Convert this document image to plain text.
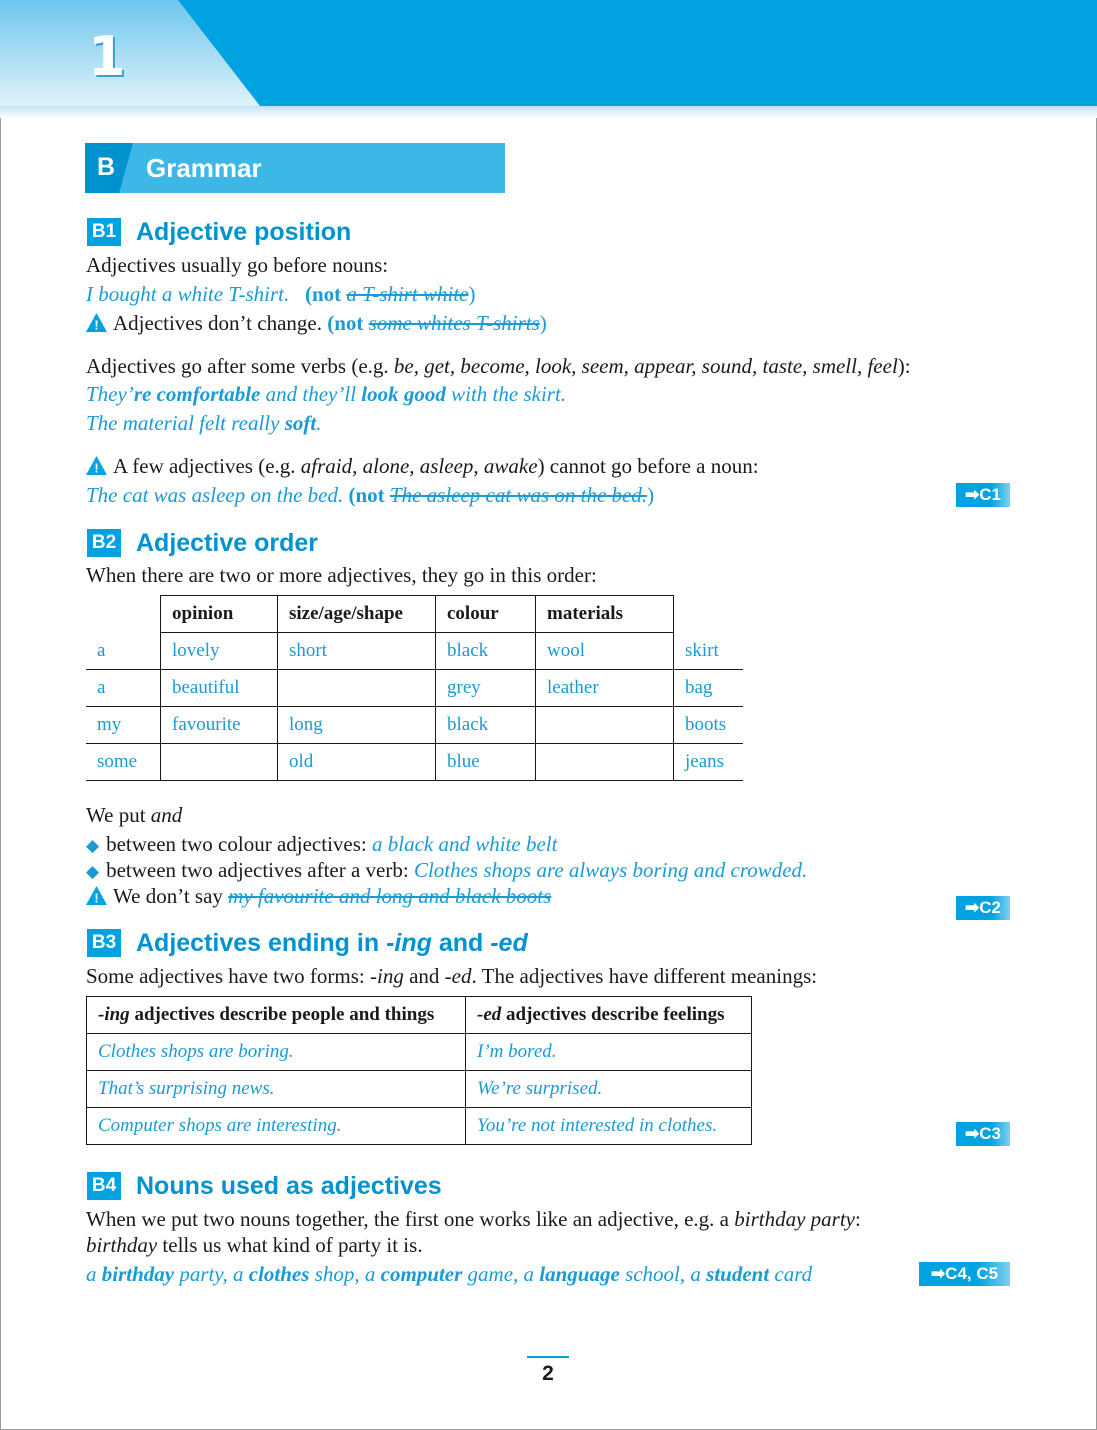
1
B Grammar
B1 Adjective position
Adjectives usually go before nouns:
I bought a white T-shirt. (not a T-shirt white)
! Adjectives don’t change. (not some whites T-shirts)
Adjectives go after some verbs (e.g. be, get, become, look, seem, appear, sound, taste, smell, feel):
They’re comfortable and they’ll look good with the skirt.
The material felt really soft.
! A few adjectives (e.g. afraid, alone, asleep, awake) cannot go before a noun:
The cat was asleep on the bed. (not The asleep cat was on the bed.)	➡C1
B2 Adjective order
When there are two or more adjectives, they go in this order:
	opinion	size/age/shape	colour	materials	
a	lovely	short	black	wool	skirt
a	beautiful		grey	leather	bag
my	favourite	long	black		boots
some		old	blue		jeans
We put and
◆ between two colour adjectives: a black and white belt
◆ between two adjectives after a verb: Clothes shops are always boring and crowded.
! We don’t say my favourite and long and black boots	➡C2
B3 Adjectives ending in -ing and -ed
Some adjectives have two forms: -ing and -ed. The adjectives have different meanings:
-ing adjectives describe people and things	-ed adjectives describe feelings
Clothes shops are boring.	I’m bored.
That’s surprising news.	We’re surprised.
Computer shops are interesting.	You’re not interested in clothes.	➡C3
B4 Nouns used as adjectives
When we put two nouns together, the first one works like an adjective, e.g. a birthday party:
birthday tells us what kind of party it is.
a birthday party, a clothes shop, a computer game, a language school, a student card	➡C4, C5
2
